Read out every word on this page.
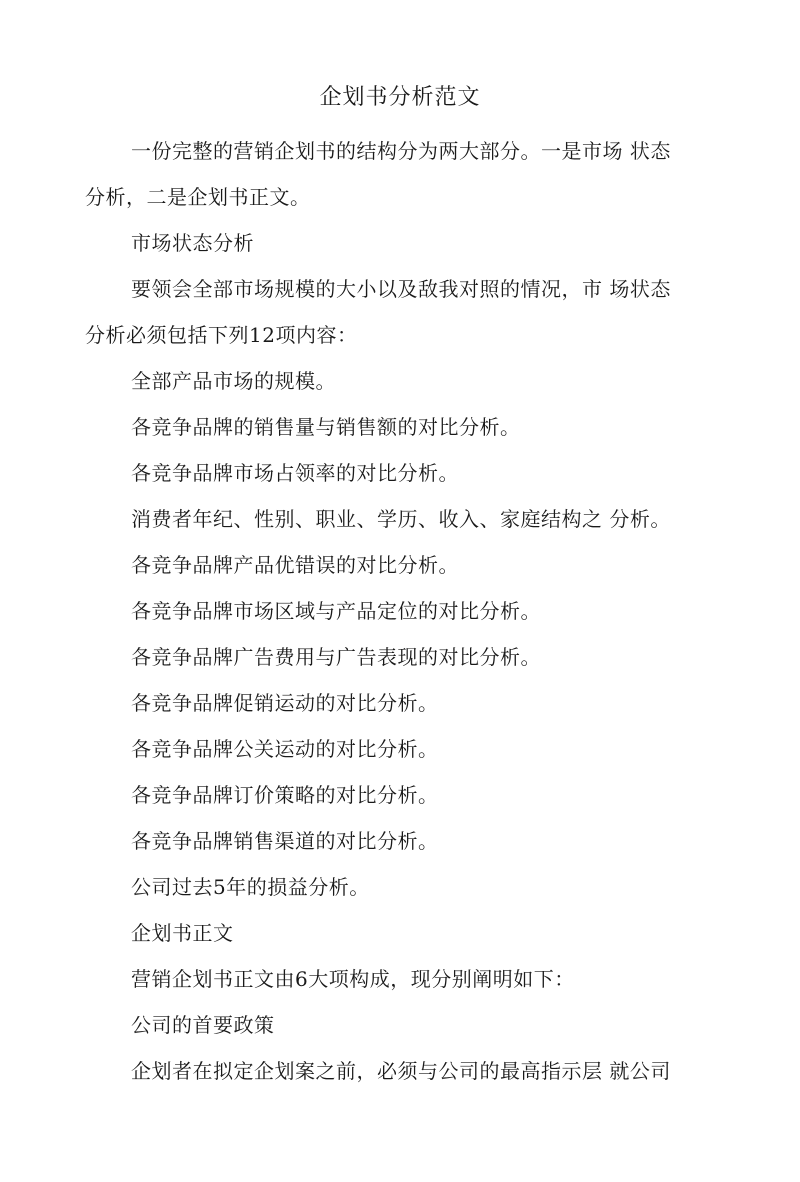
企划书分析范文

一份完整的营销企划书的结构分为两大部分。一是市场 状态

分析，二是企划书正文。

市场状态分析

要领会全部市场规模的大小以及敌我对照的情况，市 场状态

分析必须包括下列12项内容：

全部产品市场的规模。

各竞争品牌的销售量与销售额的对比分析。

各竞争品牌市场占领率的对比分析。

消费者年纪、性别、职业、学历、收入、家庭结构之 分析。

各竞争品牌产品优错误的对比分析。

各竞争品牌市场区域与产品定位的对比分析。

各竞争品牌广告费用与广告表现的对比分析。

各竞争品牌促销运动的对比分析。

各竞争品牌公关运动的对比分析。

各竞争品牌订价策略的对比分析。

各竞争品牌销售渠道的对比分析。

公司过去5年的损益分析。

企划书正文

营销企划书正文由6大项构成，现分别阐明如下：

公司的首要政策

企划者在拟定企划案之前，必须与公司的最高指示层 就公司
